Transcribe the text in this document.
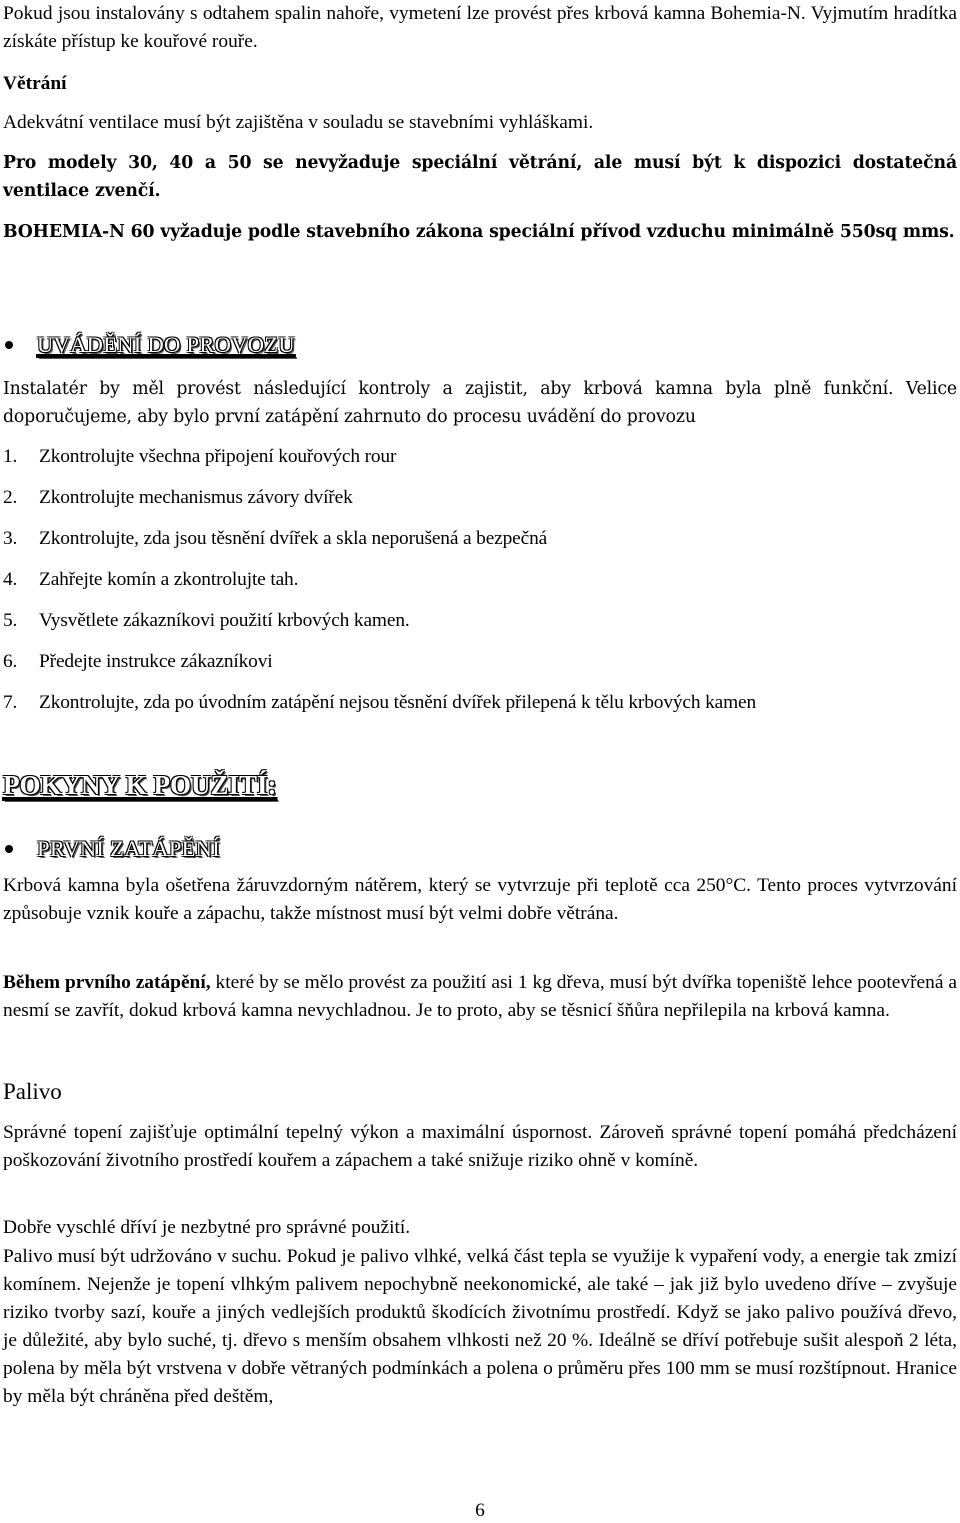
Pokud jsou instalovány s odtahem spalin nahoře, vymetení lze provést přes krbová kamna Bohemia-N. Vyjmutím hradítka získáte přístup ke kouřové rouře.

Větrání

Adekvátní ventilace musí být zajištěna v souladu se stavebními vyhláškami.

Pro modely 30, 40 a 50 se nevyžaduje speciální větrání, ale musí být k dispozici dostatečná ventilace zvenčí.

BOHEMIA-N 60 vyžaduje podle stavebního zákona speciální přívod vzduchu minimálně 550sq mms.

UVÁDĚNÍ DO PROVOZU

Instalatér by měl provést následující kontroly a zajistit, aby krbová kamna byla plně funkční. Velice doporučujeme, aby bylo první zatápění zahrnuto do procesu uvádění do provozu

1.	Zkontrolujte všechna připojení kouřových rour
2.	Zkontrolujte mechanismus závory dvířek
3.	Zkontrolujte, zda jsou těsnění dvířek a skla neporušená a bezpečná
4.	Zahřejte komín a zkontrolujte tah.
5.	Vysvětlete zákazníkovi použití krbových kamen.
6.	Předejte instrukce zákazníkovi
7.	Zkontrolujte, zda po úvodním zatápění nejsou těsnění dvířek přilepená k tělu krbových kamen
POKYNY K POUŽITÍ:
PRVNÍ ZATÁPĚNÍ

Krbová kamna byla ošetřena žáruvzdorným nátěrem, který se vytvrzuje při teplotě cca 250°C. Tento proces vytvrzování způsobuje vznik kouře a zápachu, takže místnost musí být velmi dobře větrána.

Během prvního zatápění, které by se mělo provést za použití asi 1 kg dřeva, musí být dvířka topeniště lehce pootevřená a nesmí se zavřít, dokud krbová kamna nevychladnou. Je to proto, aby se těsnicí šňůra nepřilepila na krbová kamna.

Palivo

Správné topení zajišťuje optimální tepelný výkon a maximální úspornost. Zároveň správné topení pomáhá předcházení poškozování životního prostředí kouřem a zápachem a také snižuje riziko ohně v komíně.

Dobře vyschlé dříví je nezbytné pro správné použití.

Palivo musí být udržováno v suchu. Pokud je palivo vlhké, velká část tepla se využije k vypaření vody, a energie tak zmizí komínem. Nejenže je topení vlhkým palivem nepochybně neekonomické, ale také – jak již bylo uvedeno dříve – zvyšuje riziko tvorby sazí, kouře a jiných vedlejších produktů škodících životnímu prostředí. Když se jako palivo používá dřevo, je důležité, aby bylo suché, tj. dřevo s menším obsahem vlhkosti než 20 %. Ideálně se dříví potřebuje sušit alespoň 2 léta, polena by měla být vrstvena v dobře větraných podmínkách a polena o průměru přes 100 mm se musí rozštípnout. Hranice by měla být chráněna před deštěm,

6
